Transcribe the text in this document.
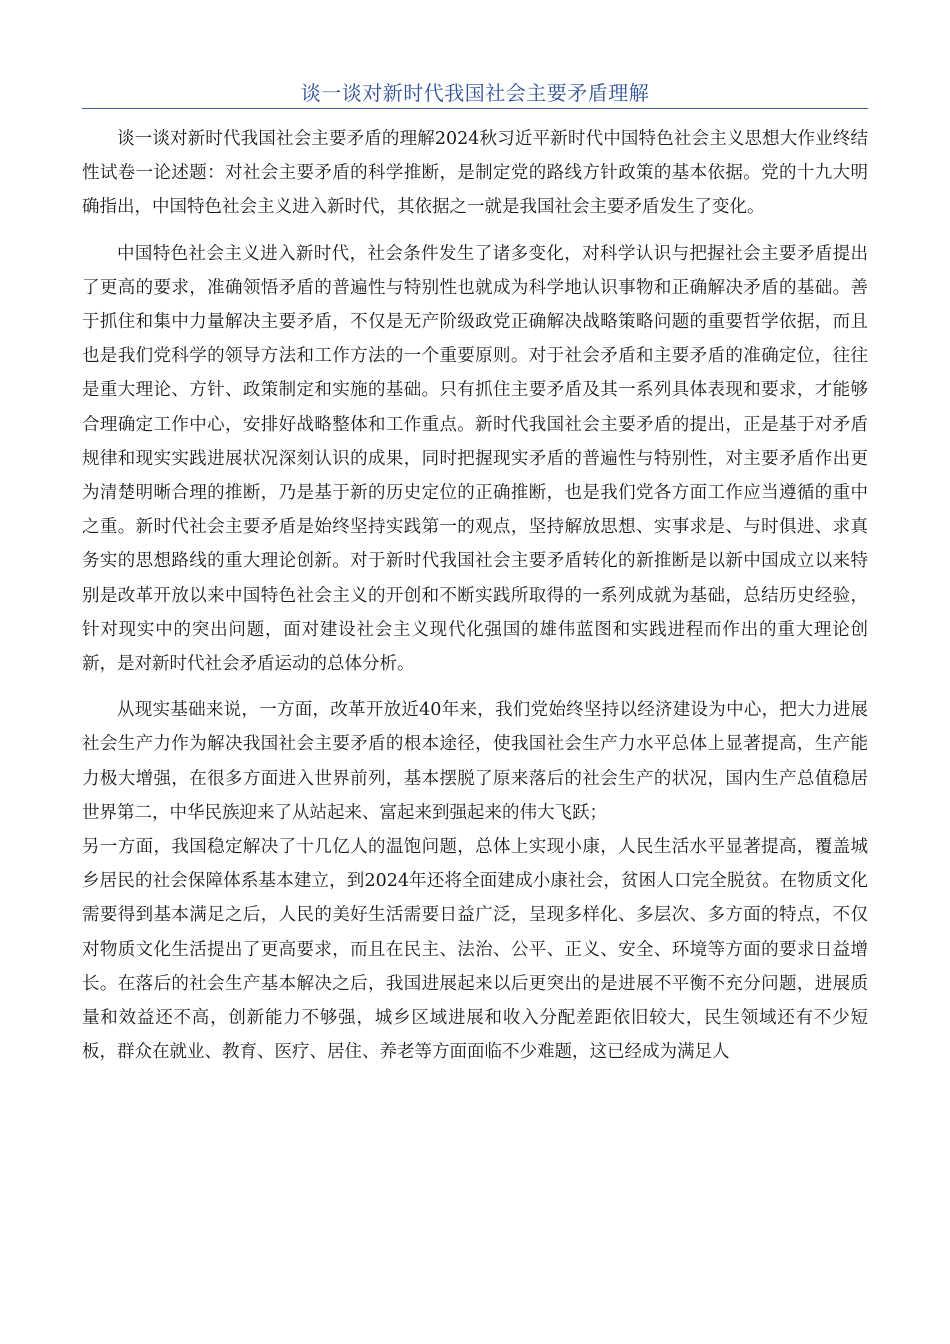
谈一谈对新时代我国社会主要矛盾理解

谈一谈对新时代我国社会主要矛盾的理解2024秋习近平新时代中国特色社会主义思想大作业终结性试卷一论述题：对社会主要矛盾的科学推断，是制定党的路线方针政策的基本依据。党的十九大明确指出，中国特色社会主义进入新时代，其依据之一就是我国社会主要矛盾发生了变化。

中国特色社会主义进入新时代，社会条件发生了诸多变化，对科学认识与把握社会主要矛盾提出了更高的要求，准确领悟矛盾的普遍性与特别性也就成为科学地认识事物和正确解决矛盾的基础。善于抓住和集中力量解决主要矛盾，不仅是无产阶级政党正确解决战略策略问题的重要哲学依据，而且也是我们党科学的领导方法和工作方法的一个重要原则。对于社会矛盾和主要矛盾的准确定位，往往是重大理论、方针、政策制定和实施的基础。只有抓住主要矛盾及其一系列具体表现和要求，才能够合理确定工作中心，安排好战略整体和工作重点。新时代我国社会主要矛盾的提出，正是基于对矛盾规律和现实实践进展状况深刻认识的成果，同时把握现实矛盾的普遍性与特别性，对主要矛盾作出更为清楚明晰合理的推断，乃是基于新的历史定位的正确推断，也是我们党各方面工作应当遵循的重中之重。新时代社会主要矛盾是始终坚持实践第一的观点，坚持解放思想、实事求是、与时俱进、求真务实的思想路线的重大理论创新。对于新时代我国社会主要矛盾转化的新推断是以新中国成立以来特别是改革开放以来中国特色社会主义的开创和不断实践所取得的一系列成就为基础，总结历史经验，针对现实中的突出问题，面对建设社会主义现代化强国的雄伟蓝图和实践进程而作出的重大理论创新，是对新时代社会矛盾运动的总体分析。

从现实基础来说，一方面，改革开放近40年来，我们党始终坚持以经济建设为中心，把大力进展社会生产力作为解决我国社会主要矛盾的根本途径，使我国社会生产力水平总体上显著提高，生产能力极大增强，在很多方面进入世界前列，基本摆脱了原来落后的社会生产的状况，国内生产总值稳居世界第二，中华民族迎来了从站起来、富起来到强起来的伟大飞跃；

另一方面，我国稳定解决了十几亿人的温饱问题，总体上实现小康，人民生活水平显著提高，覆盖城乡居民的社会保障体系基本建立，到2024年还将全面建成小康社会，贫困人口完全脱贫。在物质文化需要得到基本满足之后，人民的美好生活需要日益广泛，呈现多样化、多层次、多方面的特点，不仅对物质文化生活提出了更高要求，而且在民主、法治、公平、正义、安全、环境等方面的要求日益增长。在落后的社会生产基本解决之后，我国进展起来以后更突出的是进展不平衡不充分问题，进展质量和效益还不高，创新能力不够强，城乡区域进展和收入分配差距依旧较大，民生领域还有不少短板，群众在就业、教育、医疗、居住、养老等方面面临不少难题，这已经成为满足人
